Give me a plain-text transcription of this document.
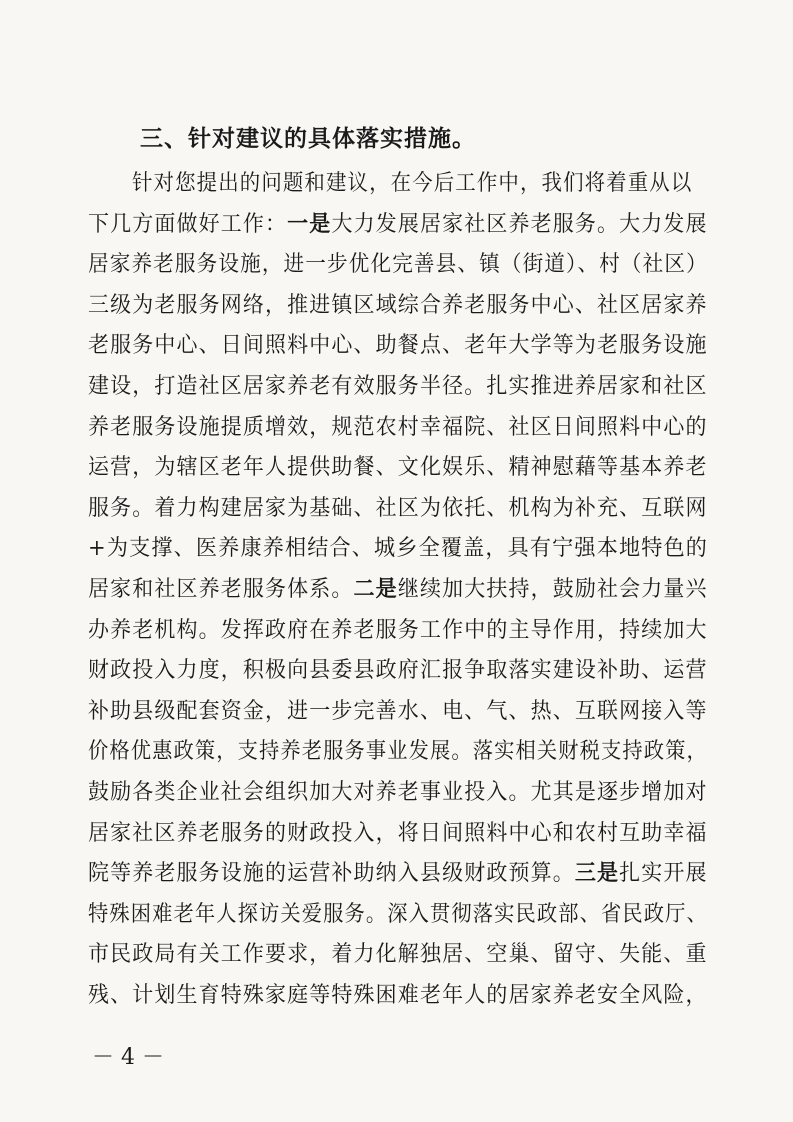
三、针对建议的具体落实措施。
针对您提出的问题和建议，在今后工作中，我们将着重从以
下几方面做好工作：一是大力发展居家社区养老服务。大力发展
居家养老服务设施，进一步优化完善县、镇（街道）、村（社区）
三级为老服务网络，推进镇区域综合养老服务中心、社区居家养
老服务中心、日间照料中心、助餐点、老年大学等为老服务设施
建设，打造社区居家养老有效服务半径。扎实推进养居家和社区
养老服务设施提质增效，规范农村幸福院、社区日间照料中心的
运营，为辖区老年人提供助餐、文化娱乐、精神慰藉等基本养老
服务。着力构建居家为基础、社区为依托、机构为补充、互联网
+为支撑、医养康养相结合、城乡全覆盖，具有宁强本地特色的
居家和社区养老服务体系。二是继续加大扶持，鼓励社会力量兴
办养老机构。发挥政府在养老服务工作中的主导作用，持续加大
财政投入力度，积极向县委县政府汇报争取落实建设补助、运营
补助县级配套资金，进一步完善水、电、气、热、互联网接入等
价格优惠政策，支持养老服务事业发展。落实相关财税支持政策，
鼓励各类企业社会组织加大对养老事业投入。尤其是逐步增加对
居家社区养老服务的财政投入，将日间照料中心和农村互助幸福
院等养老服务设施的运营补助纳入县级财政预算。三是扎实开展
特殊困难老年人探访关爱服务。深入贯彻落实民政部、省民政厅、
市民政局有关工作要求，着力化解独居、空巢、留守、失能、重
残、计划生育特殊家庭等特殊困难老年人的居家养老安全风险，
－ 4 －
